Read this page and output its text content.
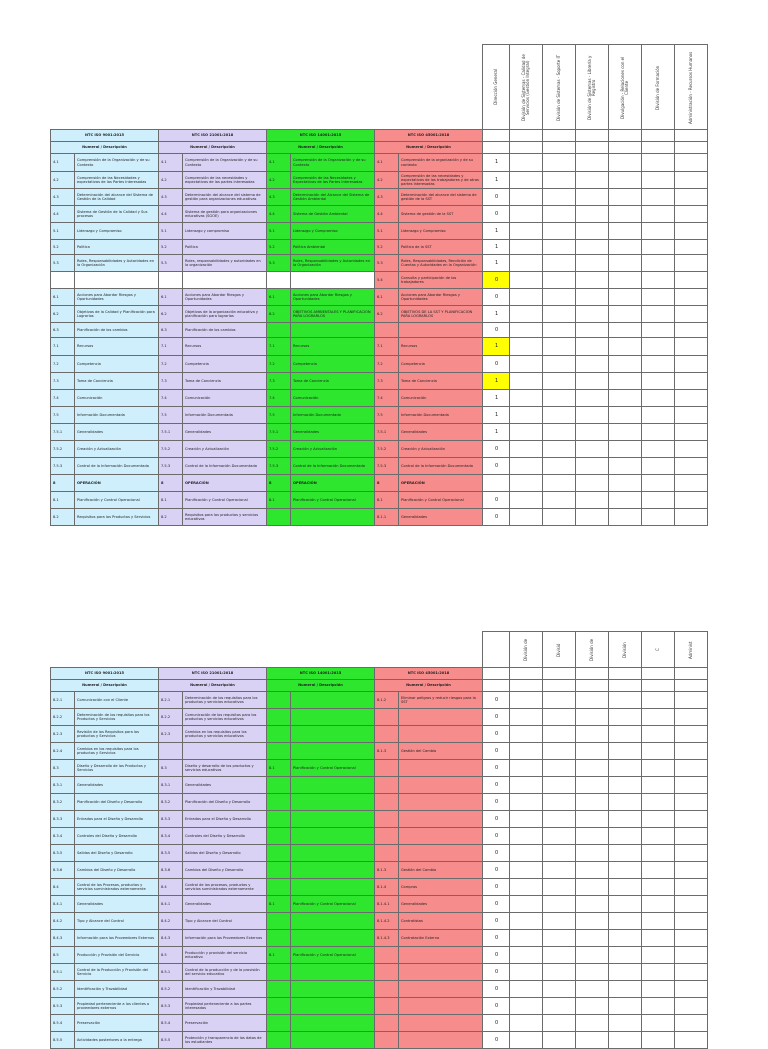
								Dirección General	División de Sistemas - Calidad de Servicios (Gestión Integral)	División de Sistemas - Soporte IT	División de Sistemas - Librería y Registro	Divulgación - Relaciones con el Cliente	División de Formación	Administración - Recursos Humanos

NTC ISO 9001:2015		NTC ISO 21001:2018		NTC ISO 14001:2015		NTC ISO 45001:2018								
Numeral / Descripción		Numeral / Descripción		Numeral / Descripción		Numeral / Descripción								
4.1	Comprensión de la Organización y de su Contexto	4.1	Comprensión de la Organización y de su Contexto	4.1	Comprensión de la Organización y de su Contexto	4.1	Comprensión de la organización y de su contexto	1						
4.2	Comprensión de las Necesidades y expectativas de las Partes Interesadas	4.2	Comprensión de las necesidades y expectativas de las partes interesadas	4.2	Comprensión de las Necesidades y Expectativas de las Partes Interesadas	4.2	Comprensión de las necesidades y expectativas de los trabajadores y de otras partes interesadas	1						
4.3	Determinación del alcance del Sistema de Gestión de la Calidad	4.3	Determinación del alcance del sistema de gestión para organizaciones educativas	4.3	Determinación del Alcance del Sistema de Gestión Ambiental	4.3	Determinación del alcance del sistema de gestión de la SST	0						
4.4	Sistema de Gestión de la Calidad y Sus procesos	4.4	Sistema de gestión para organizaciones educativas (SGOE)	4.4	Sistema de Gestión Ambiental	4.4	Sistema de gestión de la SST	0						
5.1	Liderazgo y Compromiso	5.1	Liderazgo y compromiso	5.1	Liderazgo y Compromiso	5.1	Liderazgo y Compromiso	1						
5.2	Política	5.2	Política	5.2	Política Ambiental	5.2	Política de la SST	1						
5.3	Roles, Responsabilidades y Autoridades en la Organización	5.3	Roles, responsabilidades y autoridades en la organización	5.3	Roles, Responsabilidades y Autoridades en la Organización	5.3	Roles, Responsabilidades, Rendición de Cuentas y Autoridades en la Organización	1						
						5.4	Consulta y participación de los trabajadores	0						
6.1	Acciones para Abordar Riesgos y Oportunidades	6.1	Acciones para Abordar Riesgos y Oportunidades	6.1	Acciones para Abordar Riesgos y Oportunidades	6.1	Acciones para Abordar Riesgos y Oportunidades	0						
6.2	Objetivos de la Calidad y Planificación para Lograrlos	6.2	Objetivos de la organización educativa y planificación para lograrlos	6.2	OBJETIVOS AMBIENTALES Y PLANIFICACION PARA LOGRARLOS	6.2	OBJETIVOS DE LA SST Y PLANIFICACION PARA LOGRARLOS	1						
6.3	Planificación de los cambios	6.3	Planificación de los cambios					0						
7.1	Recursos	7.1	Recursos	7.1	Recursos	7.1	Recursos	1						
7.2	Competencia	7.2	Competencia	7.2	Competencia	7.2	Competencia	0						
7.3	Toma de Conciencia	7.3	Toma de Conciencia	7.3	Toma de Conciencia	7.3	Toma de Conciencia	1						
7.4	Comunicación	7.4	Comunicación	7.4	Comunicación	7.4	Comunicación	1						
7.5	Información Documentada	7.5	Información Documentada	7.5	Información Documentada	7.5	Información Documentada	1						
7.5.1	Generalidades	7.5.1	Generalidades	7.5.1	Generalidades	7.5.1	Generalidades	1						
7.5.2	Creación y Actualización	7.5.2	Creación y Actualización	7.5.2	Creación y Actualización	7.5.2	Creación y Actualización	0						
7.5.3	Control de la Información Documentada	7.5.3	Control de la Información Documentada	7.5.3	Control de la Información Documentada	7.5.3	Control de la Información Documentada	0						
8	OPERACIÓN	8	OPERACIÓN	8	OPERACIÓN	8	OPERACIÓN							
8.1	Planificación y Control Operacional	8.1	Planificación y Control Operacional	8.1	Planificación y Control Operacional	8.1	Planificación y Control Operacional	0						
8.2	Requisitos para los Productos y Servicios	8.2	Requisitos para los productos y servicios educativos			8.1.1	Generalidades	0						

									División de	Divisió	División de	División	C	Administ

NTC ISO 9001:2015		NTC ISO 21001:2018		NTC ISO 14001:2015		NTC ISO 45001:2018								
Numeral / Descripción		Numeral / Descripción		Numeral / Descripción		Numeral / Descripción								
8.2.1	Comunicación con el Cliente	8.2.1	Determinación de los requisitos para los productos y servicios educativos			8.1.2	Eliminar peligros y reducir riesgos para la SST	0						
8.2.2	Determinación de los requisitos para los Productos y Servicios	8.2.2	Comunicación de los requisitos para los productos y servicios educativos					0						
8.2.3	Revisión de los Requisitos para los productos y Servicios	8.2.3	Cambios en los requisitos para los productos y servicios educativos					0						
8.2.4	Cambios en los requisitos para los productos y Servicios					8.1.3	Gestión del Cambio	0						
8.3	Diseño y Desarrollo de los Productos y Servicios	8.3	Diseño y desarrollo de los productos y servicios educativos	8.1	Planificación y Control Operacional			0						
8.3.1	Generalidades	8.3.1	Generalidades					0						
8.3.2	Planificación del Diseño y Desarrollo	8.3.2	Planificación del Diseño y Desarrollo					0						
8.3.3	Entradas para el Diseño y Desarrollo	8.3.3	Entradas para el Diseño y Desarrollo					0						
8.3.4	Controles del Diseño y Desarrollo	8.3.4	Controles del Diseño y Desarrollo					0						
8.3.5	Salidas del Diseño y Desarrollo	8.3.5	Salidas del Diseño y Desarrollo					0						
8.3.6	Cambios del Diseño y Desarrollo	8.3.6	Cambios del Diseño y Desarrollo			8.1.3	Gestión del Cambio	0						
8.4	Control de los Procesos, productos y servicios suministrados externamente	8.4	Control de los procesos, productos y servicios suministrados externamente			8.1.4	Compras	0						
8.4.1	Generalidades	8.4.1	Generalidades	8.1	Planificación y Control Operacional	8.1.4.1	Generalidades	0						
8.4.2	Tipo y Alcance del Control	8.4.2	Tipo y Alcance del Control			8.1.4.2	Contratistas	0						
8.4.3	Información para los Proveedores Externos	8.4.3	Información para los Proveedores Externos			8.1.4.3	Contratación Externa	0						
8.5	Producción y Provisión del Servicio	8.5	Producción y provisión del servicio educativo	8.1	Planificación y Control Operacional			0						
8.5.1	Control de la Producción y Provisión del Servicio	8.5.1	Control de la producción y de la provisión del servicio educativo					0						
8.5.2	Identificación y Trazabilidad	8.5.2	Identificación y Trazabilidad					0						
8.5.3	Propiedad perteneciente a los clientes o proveedores externos	8.5.3	Propiedad perteneciente a las partes interesadas					0						
8.5.4	Preservación	8.5.4	Preservación					0						
8.5.5	Actividades posteriores a la entrega	8.5.5	Protección y transparencia de los datos de los estudiantes					0						
